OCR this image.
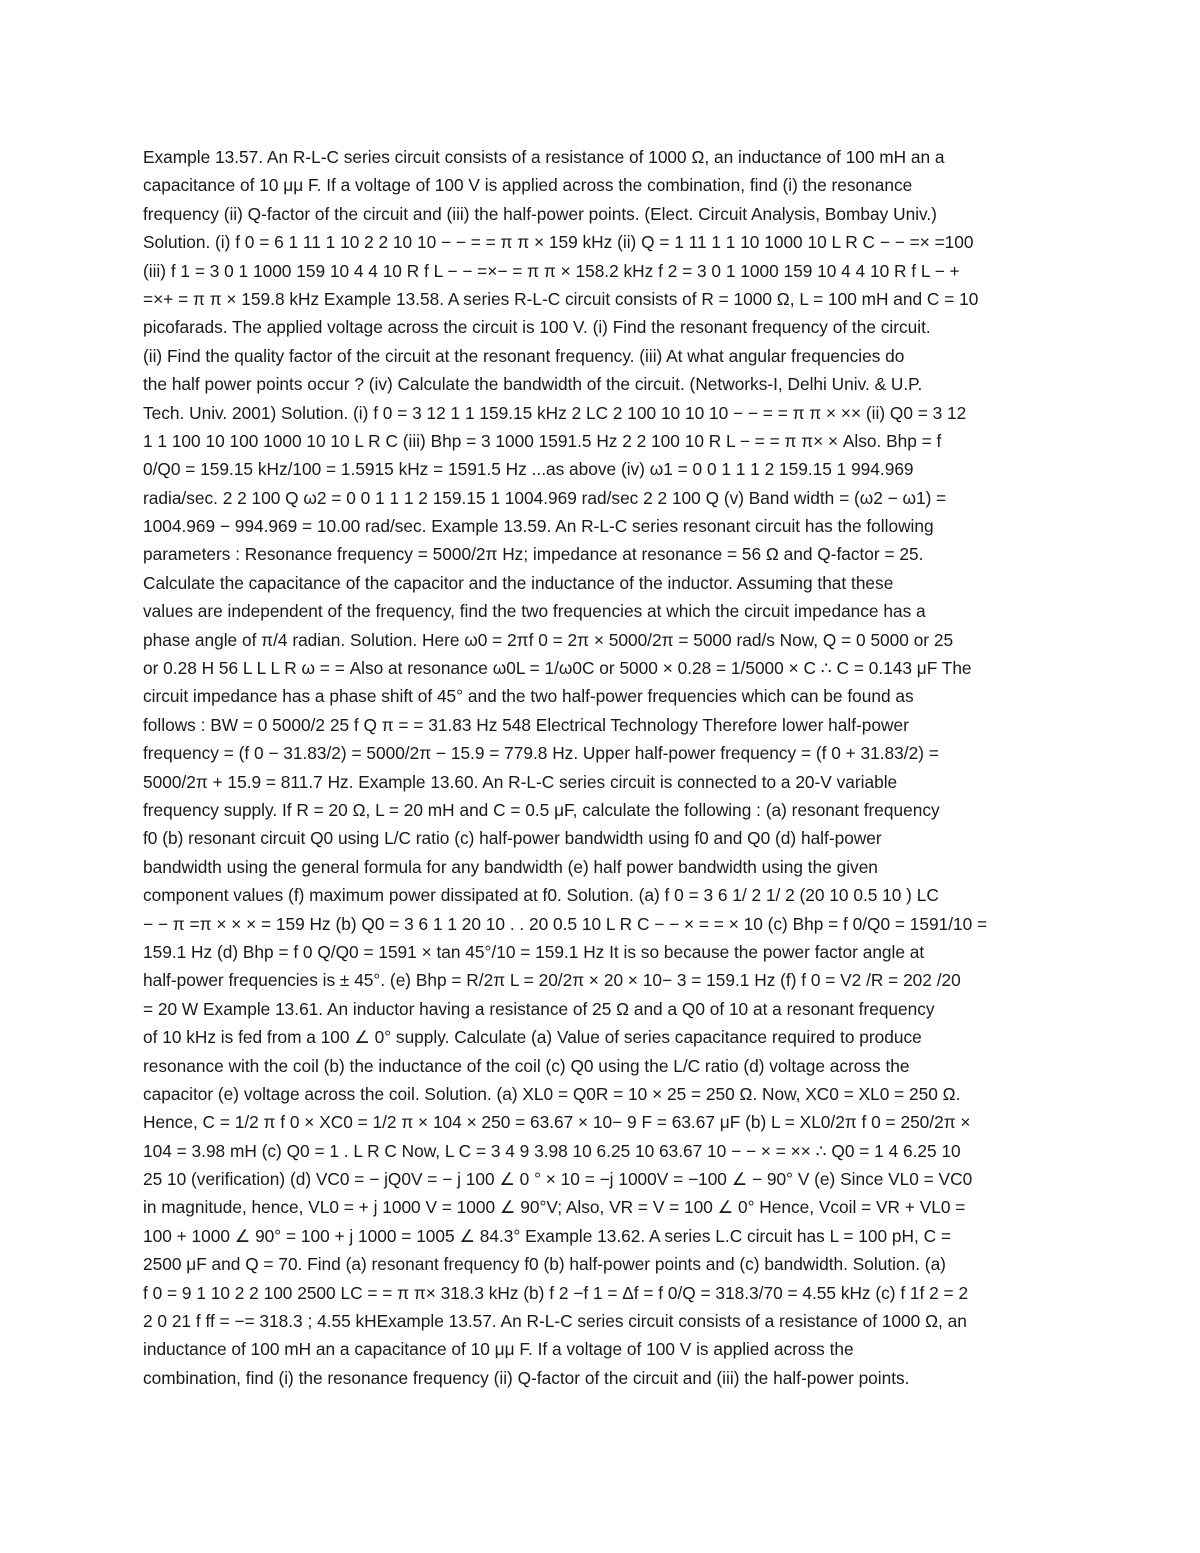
Example 13.57. An R-L-C series circuit consists of a resistance of 1000 Ω, an inductance of 100 mH an a
capacitance of 10 μμ F. If a voltage of 100 V is applied across the combination, find (i) the resonance
frequency (ii) Q-factor of the circuit and (iii) the half-power points. (Elect. Circuit Analysis, Bombay Univ.)
Solution. (i) f 0 = 6 1 11 1 10 2 2 10 10 − − = = π π × 159 kHz (ii) Q = 1 11 1 1 10 1000 10 L R C − − =× =100
(iii) f 1 = 3 0 1 1000 159 10 4 4 10 R f L − − =×− = π π × 158.2 kHz f 2 = 3 0 1 1000 159 10 4 4 10 R f L − +
=×+ = π π × 159.8 kHz Example 13.58. A series R-L-C circuit consists of R = 1000 Ω, L = 100 mH and C = 10
picofarads. The applied voltage across the circuit is 100 V. (i) Find the resonant frequency of the circuit.
(ii) Find the quality factor of the circuit at the resonant frequency. (iii) At what angular frequencies do
the half power points occur ? (iv) Calculate the bandwidth of the circuit. (Networks-I, Delhi Univ. & U.P.
Tech. Univ. 2001) Solution. (i) f 0 = 3 12 1 1 159.15 kHz 2 LC 2 100 10 10 10 − − = = π π × ×× (ii) Q0 = 3 12
1 1 100 10 100 1000 10 10 L R C (iii) Bhp = 3 1000 1591.5 Hz 2 2 100 10 R L − = = π π× × Also. Bhp = f
0/Q0 = 159.15 kHz/100 = 1.5915 kHz = 1591.5 Hz ...as above (iv) ω1 = 0 0 1 1 1 2 159.15 1 994.969
radia/sec. 2 2 100 Q ω2 = 0 0 1 1 1 2 159.15 1 1004.969 rad/sec 2 2 100 Q (v) Band width = (ω2 − ω1) =
1004.969 − 994.969 = 10.00 rad/sec. Example 13.59. An R-L-C series resonant circuit has the following
parameters : Resonance frequency = 5000/2π Hz; impedance at resonance = 56 Ω and Q-factor = 25.
Calculate the capacitance of the capacitor and the inductance of the inductor. Assuming that these
values are independent of the frequency, find the two frequencies at which the circuit impedance has a
phase angle of π/4 radian. Solution. Here ω0 = 2πf 0 = 2π × 5000/2π = 5000 rad/s Now, Q = 0 5000 or 25
or 0.28 H 56 L L L R ω = = Also at resonance ω0L = 1/ω0C or 5000 × 0.28 = 1/5000 × C ∴ C = 0.143 μF The
circuit impedance has a phase shift of 45° and the two half-power frequencies which can be found as
follows : BW = 0 5000/2 25 f Q π = = 31.83 Hz 548 Electrical Technology Therefore lower half-power
frequency = (f 0 − 31.83/2) = 5000/2π − 15.9 = 779.8 Hz. Upper half-power frequency = (f 0 + 31.83/2) =
5000/2π + 15.9 = 811.7 Hz. Example 13.60. An R-L-C series circuit is connected to a 20-V variable
frequency supply. If R = 20 Ω, L = 20 mH and C = 0.5 μF, calculate the following : (a) resonant frequency
f0 (b) resonant circuit Q0 using L/C ratio (c) half-power bandwidth using f0 and Q0 (d) half-power
bandwidth using the general formula for any bandwidth (e) half power bandwidth using the given
component values (f) maximum power dissipated at f0. Solution. (a) f 0 = 3 6 1/ 2 1/ 2 (20 10 0.5 10 ) LC
− − π =π × × × = 159 Hz (b) Q0 = 3 6 1 1 20 10 . . 20 0.5 10 L R C − − × = = × 10 (c) Bhp = f 0/Q0 = 1591/10 =
159.1 Hz (d) Bhp = f 0 Q/Q0 = 1591 × tan 45°/10 = 159.1 Hz It is so because the power factor angle at
half-power frequencies is ± 45°. (e) Bhp = R/2π L = 20/2π × 20 × 10− 3 = 159.1 Hz (f) f 0 = V2 /R = 202 /20
= 20 W Example 13.61. An inductor having a resistance of 25 Ω and a Q0 of 10 at a resonant frequency
of 10 kHz is fed from a 100 ∠ 0° supply. Calculate (a) Value of series capacitance required to produce
resonance with the coil (b) the inductance of the coil (c) Q0 using the L/C ratio (d) voltage across the
capacitor (e) voltage across the coil. Solution. (a) XL0 = Q0R = 10 × 25 = 250 Ω. Now, XC0 = XL0 = 250 Ω.
Hence, C = 1/2 π f 0 × XC0 = 1/2 π × 104 × 250 = 63.67 × 10− 9 F = 63.67 μF (b) L = XL0/2π f 0 = 250/2π ×
104 = 3.98 mH (c) Q0 = 1 . L R C Now, L C = 3 4 9 3.98 10 6.25 10 63.67 10 − − × = ×× ∴ Q0 = 1 4 6.25 10
25 10 (verification) (d) VC0 = − jQ0V = − j 100 ∠ 0 ° × 10 = −j 1000V = −100 ∠ − 90° V (e) Since VL0 = VC0
in magnitude, hence, VL0 = + j 1000 V = 1000 ∠ 90°V; Also, VR = V = 100 ∠ 0° Hence, Vcoil = VR + VL0 =
100 + 1000 ∠ 90° = 100 + j 1000 = 1005 ∠ 84.3° Example 13.62. A series L.C circuit has L = 100 pH, C =
2500 μF and Q = 70. Find (a) resonant frequency f0 (b) half-power points and (c) bandwidth. Solution. (a)
f 0 = 9 1 10 2 2 100 2500 LC = = π π× 318.3 kHz (b) f 2 −f 1 = Δf = f 0/Q = 318.3/70 = 4.55 kHz (c) f 1f 2 = 2
2 0 21 f ff = −= 318.3 ; 4.55 kHExample 13.57. An R-L-C series circuit consists of a resistance of 1000 Ω, an
inductance of 100 mH an a capacitance of 10 μμ F. If a voltage of 100 V is applied across the
combination, find (i) the resonance frequency (ii) Q-factor of the circuit and (iii) the half-power points.
